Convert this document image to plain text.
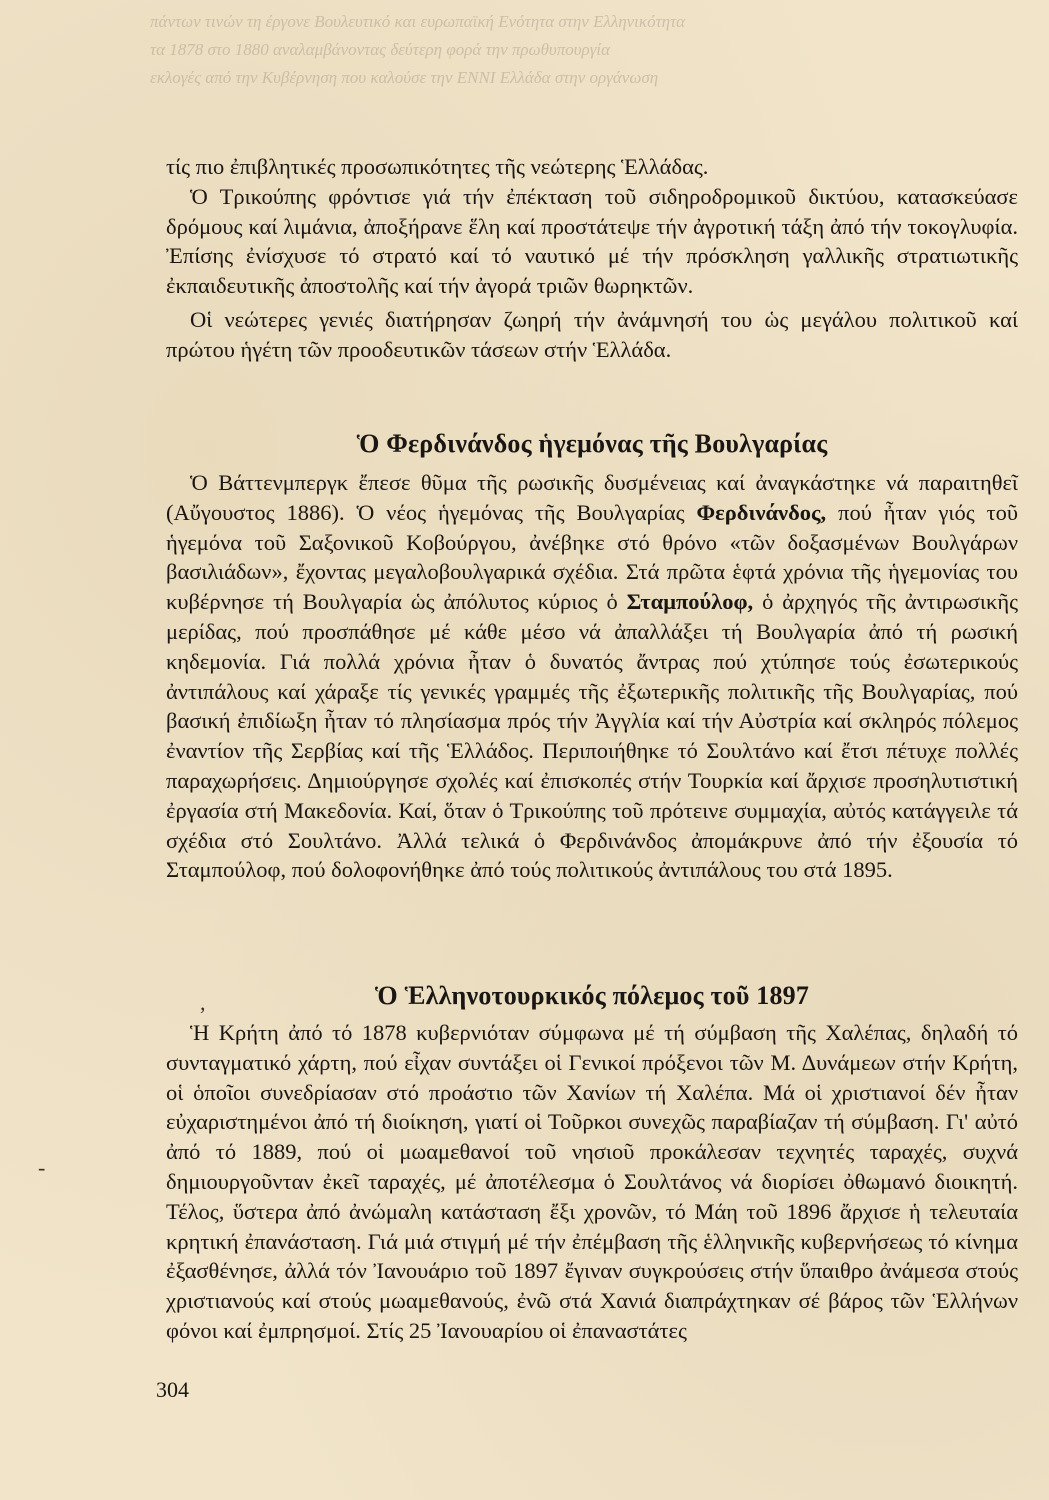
πάντων τινών τη έργονε Βουλευτικό και ευρωπαϊκή Ενότητα στην Ελληνικότητα
τα 1878 στο 1880 αναλαμβάνοντας δεύτερη φορά την πρωθυπουργία
εκλογές από την Κυβέρνηση που καλούσε την ΕΝΝΙ Ελλάδα στην οργάνωση

τίς πιο ἐπιβλητικές προσωπικότητες τῆς νεώτερης Ἑλλάδας.

Ὁ Τρικούπης φρόντισε γιά τήν ἐπέκταση τοῦ σιδηροδρομικοῦ δικτύου, κατασκεύασε δρόμους καί λιμάνια, ἀποξήρανε ἕλη καί προστάτεψε τήν ἀγροτική τάξη ἀπό τήν τοκογλυφία. Ἐπίσης ἐνίσχυσε τό στρατό καί τό ναυτικό μέ τήν πρόσκληση γαλλικῆς στρατιωτικῆς ἐκπαιδευτικῆς ἀποστολῆς καί τήν ἀγορά τριῶν θωρηκτῶν.

Οἱ νεώτερες γενιές διατήρησαν ζωηρή τήν ἀνάμνησή του ὡς μεγάλου πολιτικοῦ καί πρώτου ἡγέτη τῶν προοδευτικῶν τάσεων στήν Ἑλλάδα.

Ὁ Φερδινάνδος ἡγεμόνας τῆς Βουλγαρίας

Ὁ Βάττενμπεργκ ἔπεσε θῦμα τῆς ρωσικῆς δυσμένειας καί ἀναγκάστηκε νά παραιτηθεῖ (Αὔγουστος 1886). Ὁ νέος ἡγεμόνας τῆς Βουλγαρίας Φερδινάνδος, πού ἦταν γιός τοῦ ἡγεμόνα τοῦ Σαξονικοῦ Κοβούργου, ἀνέβηκε στό θρόνο «τῶν δοξασμένων Βουλγάρων βασιλιάδων», ἔχοντας μεγαλοβουλγαρικά σχέδια. Στά πρῶτα ἑφτά χρόνια τῆς ἡγεμονίας του κυβέρνησε τή Βουλγαρία ὡς ἀπόλυτος κύριος ὁ Σταμπούλοφ, ὁ ἀρχηγός τῆς ἀντιρωσικῆς μερίδας, πού προσπάθησε μέ κάθε μέσο νά ἀπαλλάξει τή Βουλγαρία ἀπό τή ρωσική κηδεμονία. Γιά πολλά χρόνια ἦταν ὁ δυνατός ἄντρας πού χτύπησε τούς ἐσωτερικούς ἀντιπάλους καί χάραξε τίς γενικές γραμμές τῆς ἐξωτερικῆς πολιτικῆς τῆς Βουλγαρίας, πού βασική ἐπιδίωξη ἦταν τό πλησίασμα πρός τήν Ἀγγλία καί τήν Αὐστρία καί σκληρός πόλεμος ἐναντίον τῆς Σερβίας καί τῆς Ἑλλάδος. Περιποιήθηκε τό Σουλτάνο καί ἔτσι πέτυχε πολλές παραχωρήσεις. Δημιούργησε σχολές καί ἐπισκοπές στήν Τουρκία καί ἄρχισε προσηλυτιστική ἐργασία στή Μακεδονία. Καί, ὅταν ὁ Τρικούπης τοῦ πρότεινε συμμαχία, αὐτός κατάγγειλε τά σχέδια στό Σουλτάνο. Ἀλλά τελικά ὁ Φερδινάνδος ἀπομάκρυνε ἀπό τήν ἐξουσία τό Σταμπούλοφ, πού δολοφονήθηκε ἀπό τούς πολιτικούς ἀντιπάλους του στά 1895.

,	Ὁ Ἑλληνοτουρκικός πόλεμος τοῦ 1897

Ἡ Κρήτη ἀπό τό 1878 κυβερνιόταν σύμφωνα μέ τή σύμβαση τῆς Χαλέπας, δηλαδή τό συνταγματικό χάρτη, πού εἶχαν συντάξει οἱ Γενικοί πρόξενοι τῶν Μ. Δυνάμεων στήν Κρήτη, οἱ ὁποῖοι συνεδρίασαν στό προάστιο τῶν Χανίων τή Χαλέπα. Μά οἱ χριστιανοί δέν ἦταν εὐχαριστημένοι ἀπό τή διοίκηση, γιατί οἱ Τοῦρκοι συνεχῶς παραβίαζαν τή σύμβαση. Γι' αὐτό ἀπό τό 1889, πού οἱ μωαμεθανοί τοῦ νησιοῦ προκάλεσαν τεχνητές ταραχές, συχνά δημιουργοῦνταν ἐκεῖ ταραχές, μέ ἀποτέλεσμα ὁ Σουλτάνος νά διορίσει ὀθωμανό διοικητή. Τέλος, ὕστερα ἀπό ἀνώμαλη κατάσταση ἔξι χρονῶν, τό Μάη τοῦ 1896 ἄρχισε ἡ τελευταία κρητική ἐπανάσταση. Γιά μιά στιγμή μέ τήν ἐπέμβαση τῆς ἑλληνικῆς κυβερνήσεως τό κίνημα ἐξασθένησε, ἀλλά τόν Ἰανουάριο τοῦ 1897 ἔγιναν συγκρούσεις στήν ὕπαιθρο ἀνάμεσα στούς χριστιανούς καί στούς μωαμεθανούς, ἐνῶ στά Χανιά διαπράχτηκαν σέ βάρος τῶν Ἑλλήνων φόνοι καί ἐμπρησμοί. Στίς 25 Ἰανουαρίου οἱ ἐπαναστάτες

-
304
